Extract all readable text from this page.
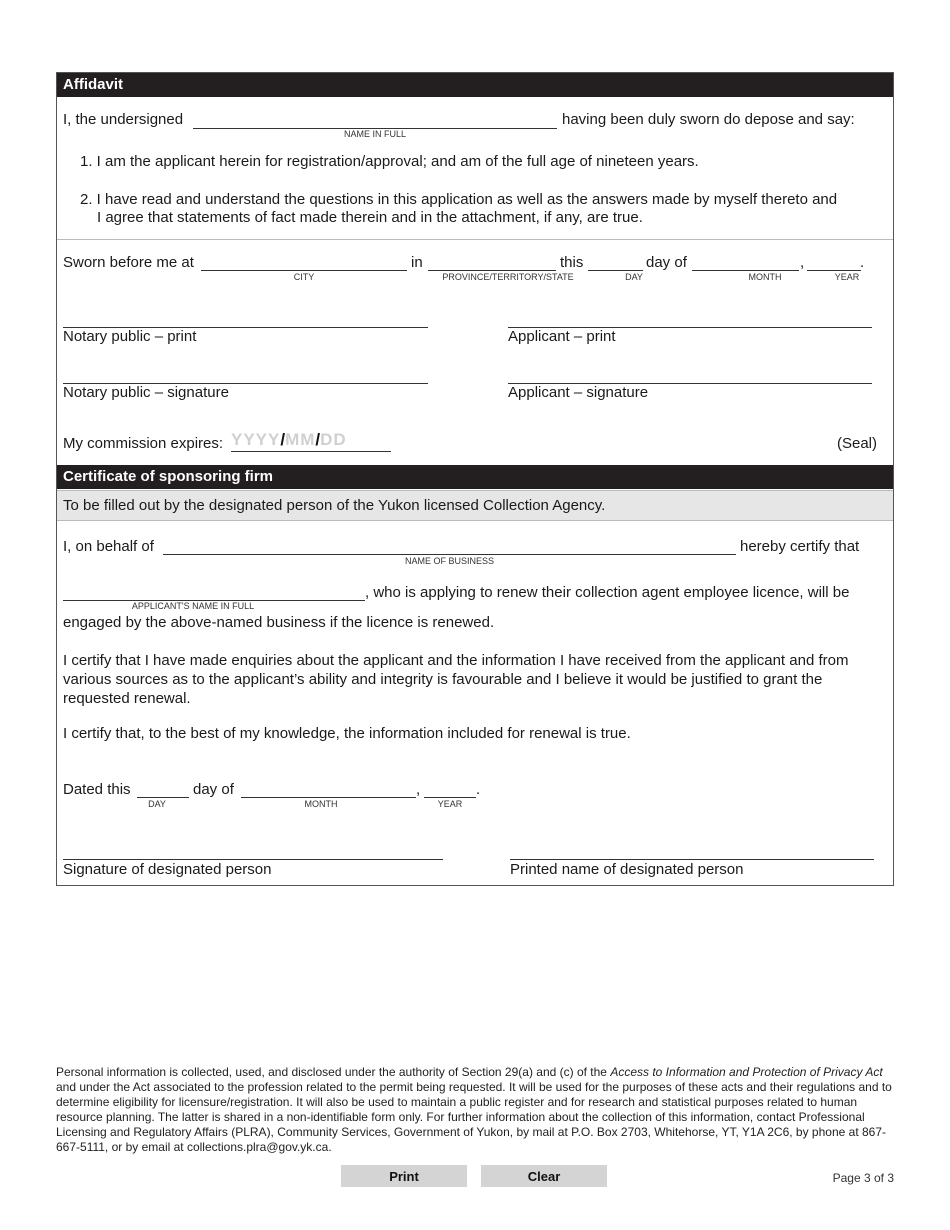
Affidavit
I, the undersigned
NAME IN FULL
having been duly sworn do depose and say:
1. I am the applicant herein for registration/approval; and am of the full age of nineteen years.
2. I have read and understand the questions in this application as well as the answers made by myself thereto and
I agree that statements of fact made therein and in the attachment, if any, are true.
Sworn before me at
CITY
in
PROVINCE/TERRITORY/STATE
this
DAY
day of
MONTH
,
YEAR
.
Notary public – print	Applicant – print
Notary public – signature	Applicant – signature
My commission expires: YYYY/MM/DD	(Seal)
Certificate of sponsoring firm
To be filled out by the designated person of the Yukon licensed Collection Agency.
I, on behalf of
NAME OF BUSINESS
hereby certify that
APPLICANT'S NAME IN FULL
, who is applying to renew their collection agent employee licence, will be
engaged by the above-named business if the licence is renewed.
I certify that I have made enquiries about the applicant and the information I have received from the applicant and from various sources as to the applicant’s ability and integrity is favourable and I believe it would be justified to grant the requested renewal.
I certify that, to the best of my knowledge, the information included for renewal is true.
Dated this
DAY
day of
MONTH
,
YEAR
.
Signature of designated person	Printed name of designated person
Personal information is collected, used, and disclosed under the authority of Section 29(a) and (c) of the Access to Information and Protection of Privacy Act and under the Act associated to the profession related to the permit being requested. It will be used for the purposes of these acts and their regulations and to determine eligibility for licensure/registration. It will also be used to maintain a public register and for research and statistical purposes related to human resource planning. The latter is shared in a non-identifiable form only. For further information about the collection of this information, contact Professional Licensing and Regulatory Affairs (PLRA), Community Services, Government of Yukon, by mail at P.O. Box 2703, Whitehorse, YT, Y1A 2C6, by phone at 867-667-5111, or by email at collections.plra@gov.yk.ca.
Print	Clear	Page 3 of 3
